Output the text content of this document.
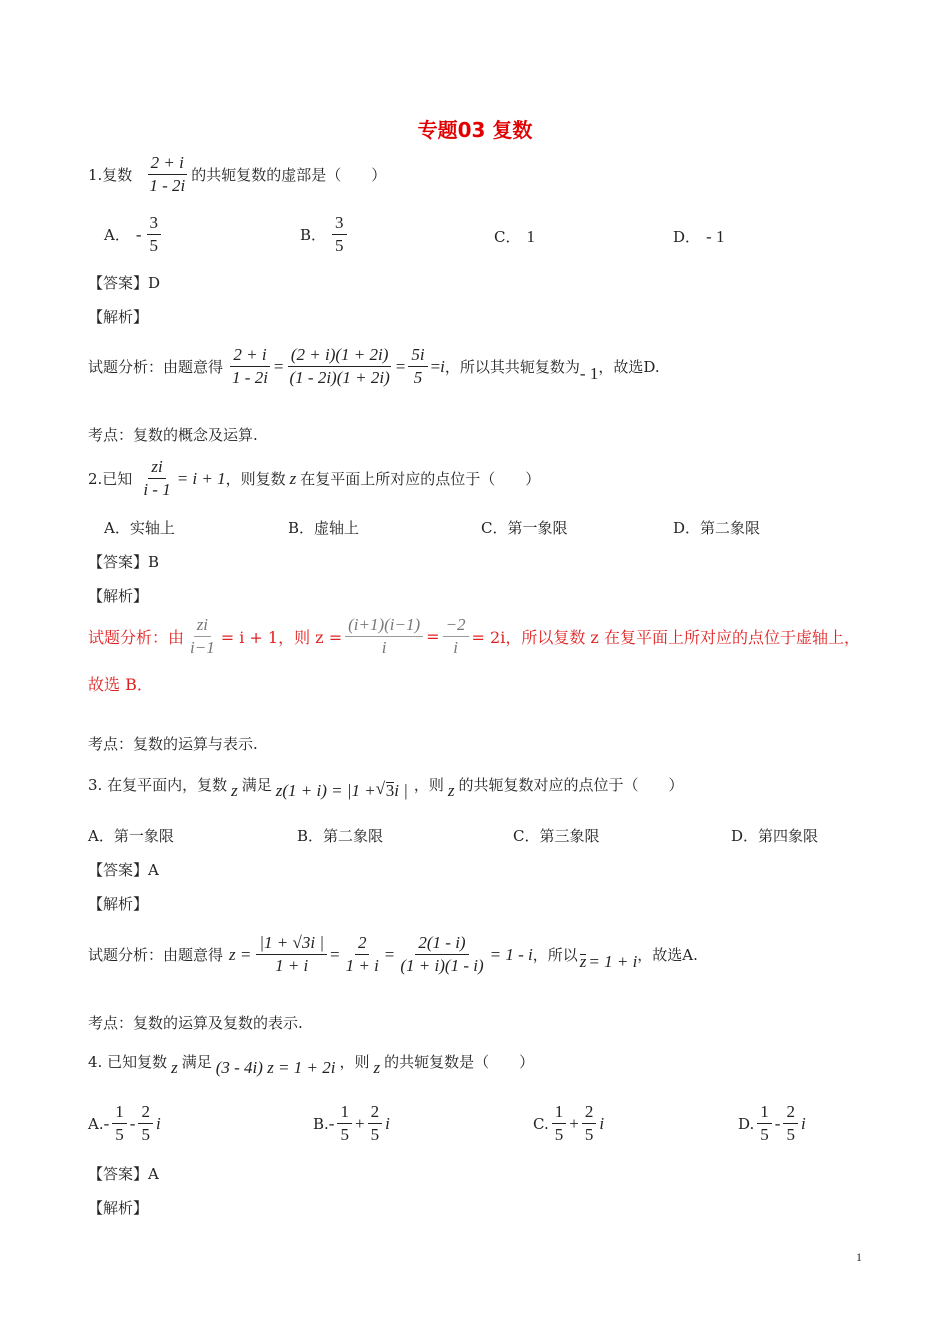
专题03 复数
1.复数 $\frac{2 + i}{1 - 2i}$ 的共轭复数的虚部是（　　）
A． - $\frac{3}{5}$	B． $\frac{3}{5}$	C． 1	D． - 1
【答案】 D
【解析】
试题分析： 由题意得 $\frac{2 + i}{1 - 2i} = \frac{(2 + i)(1 + 2i)}{(1 - 2i)(1 + 2i)} = \frac{5i}{5} = i$ ，所以其共轭复数为 - 1 ，故选D.
考点： 复数的概念及运算.
2.已知 $\frac{zi}{i - 1} = i + 1$ ，则复数 z 在复平面上所对应的点位于（　　）
A．实轴上	B．虚轴上	C．第一象限	D．第二象限
【答案】 B
【解析】
试题分析：由 $\frac{zi}{i-1} = i + 1$，则 $z = \frac{(i+1)(i-1)}{i} = \frac{-2}{i} = 2i$，所以复数 z 在复平面上所对应的点位于虚轴上，
故选 B．
考点： 复数的运算与表示.
3. 在复平面内，复数 z 满足 z(1 + i) = |1 +
√ 3 i | ，则 z 的共轭复数对应的点位于（　　）
A．第一象限	B．第二象限	C．第三象限	D．第四象限
【答案】 A
【解析】
试题分析： 由题意得 $z = \frac{|1 + √3i |}{1 + i} = \frac{2}{1 + i} = \frac{2(1 - i)}{(1 + i)(1 - i)} = 1 - i$ ，所以 z = 1 + i ，故选A.
考点： 复数的运算及复数的表示.
4. 已知复数 z 满足 (3 - 4i) z = 1 + 2i ，则 z 的共轭复数是（　　）
A. - $\frac{1}{5} - \frac{2}{5}$ i	B. - $\frac{1}{5} + \frac{2}{5}$ i	C. $\frac{1}{5} + \frac{2}{5}$ i	D. $\frac{1}{5} - \frac{2}{5}$ i
【答案】 A
【解析】
1
